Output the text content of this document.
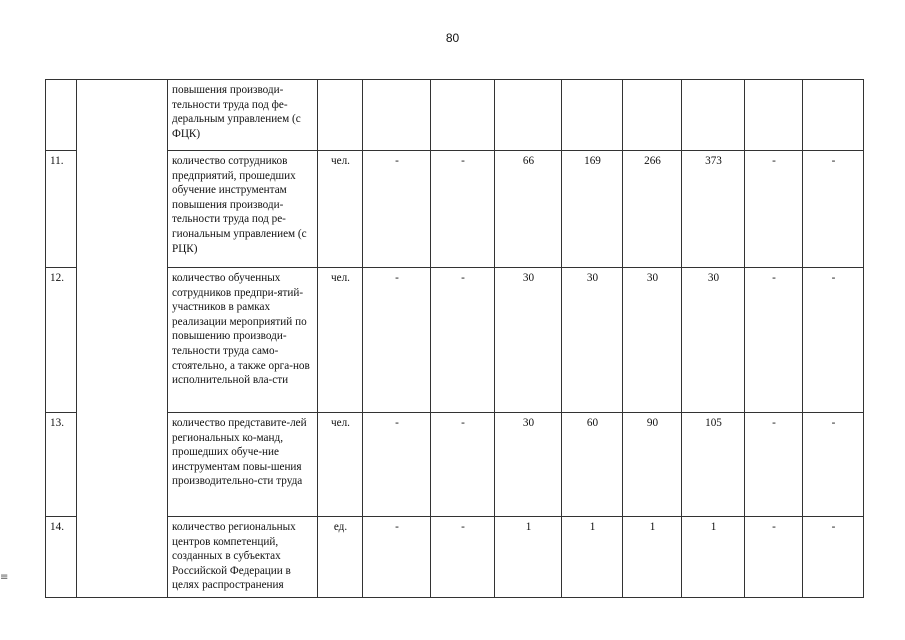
80
		повышения производи-тельности труда под фе-деральным управлением (с ФЦК)									
11.		количество сотрудников предприятий, прошедших обучение инструментам повышения производи-тельности труда под ре-гиональным управлением (с РЦК)	чел.	-	-	66	169	266	373	-	-
12.		количество обученных сотрудников предпри-ятий-участников в рамках реализации мероприятий по повышению производи-тельности труда само-стоятельно, а также орга-нов исполнительной вла-сти	чел.	-	-	30	30	30	30	-	-
13.		количество представите-лей региональных ко-манд, прошедших обуче-ние инструментам повы-шения производительно-сти труда	чел.	-	-	30	60	90	105	-	-
14.		количество региональных центров компетенций, созданных в субъектах Российской Федерации в целях распространения	ед.	-	-	1	1	1	1	-	-
≡
